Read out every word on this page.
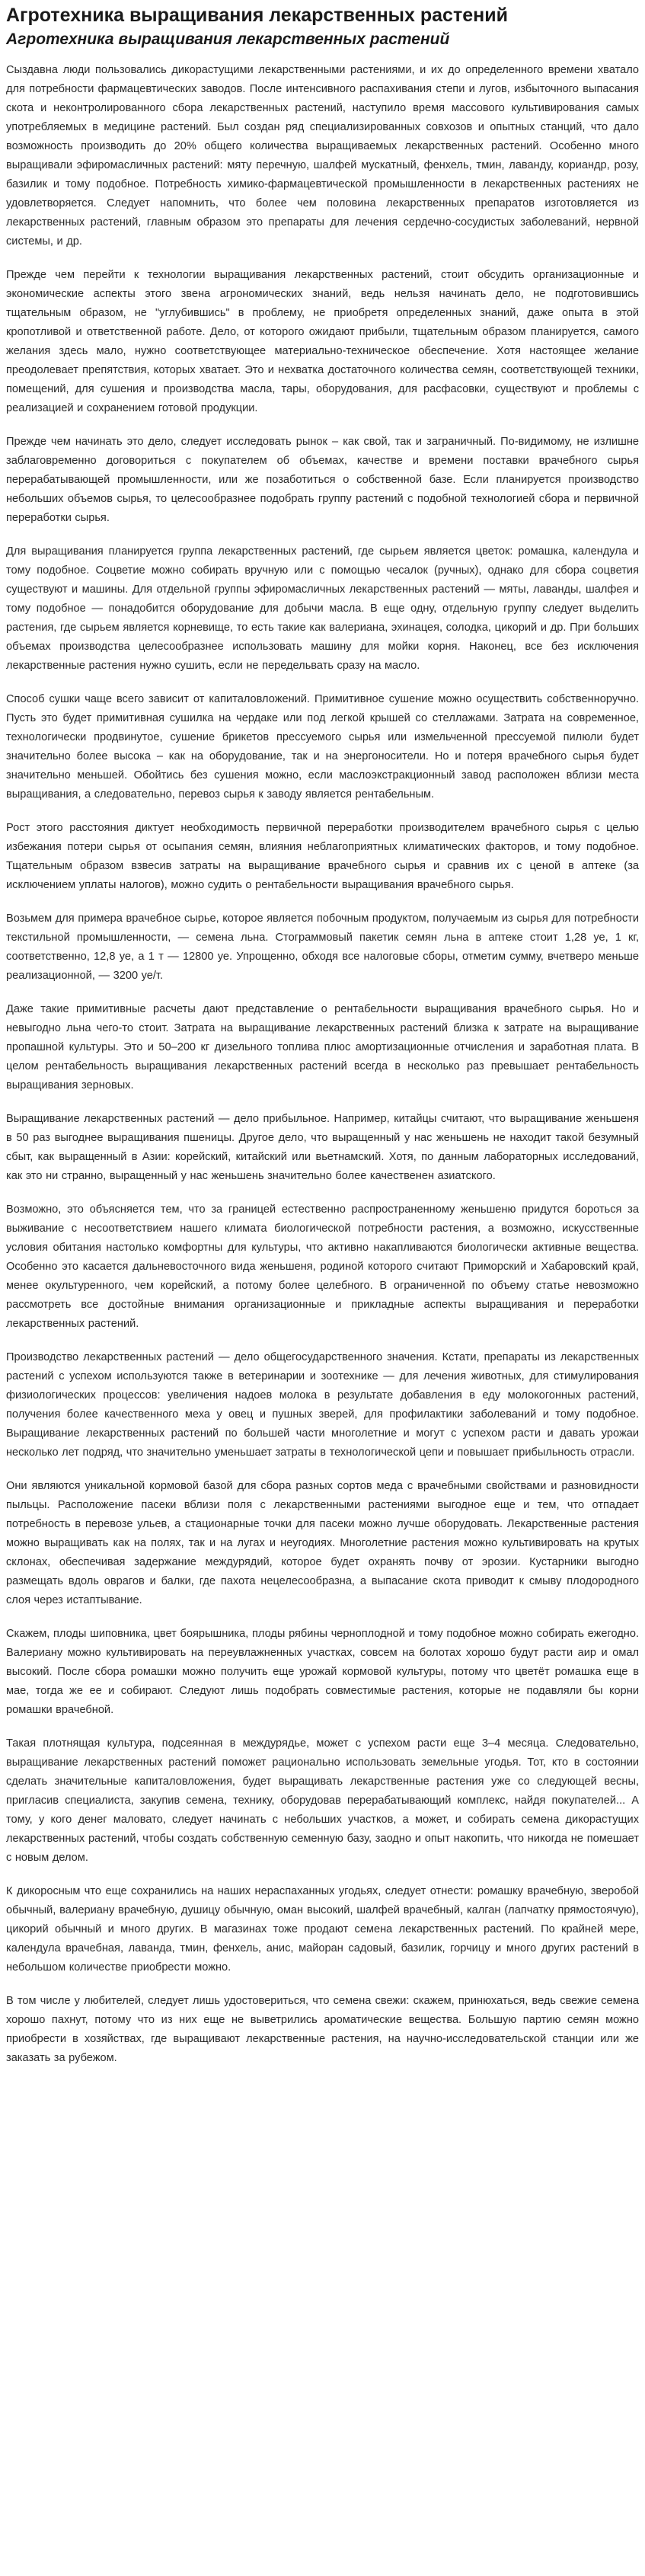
Агротехника выращивания лекарственных растений
Агротехника выращивания лекарственных растений

Сыздавна люди пользовались дикорастущими лекарственными растениями, и их до определенного времени хватало для потребности фармацевтических заводов. После интенсивного распахивания степи и лугов, избыточного выпасания скота и неконтролированного сбора лекарственных растений, наступило время массового культивирования самых употребляемых в медицине растений. Был создан ряд специализированных совхозов и опытных станций, что дало возможность производить до 20% общего количества выращиваемых лекарственных растений. Особенно много выращивали эфиромасличных растений: мяту перечную, шалфей мускатный, фенхель, тмин, лаванду, кориандр, розу, базилик и тому подобное. Потребность химико-фармацевтической промышленности в лекарственных растениях не удовлетворяется. Следует напомнить, что более чем половина лекарственных препаратов изготовляется из лекарственных растений, главным образом это препараты для лечения сердечно-сосудистых заболеваний, нервной системы, и др.

Прежде чем перейти к технологии выращивания лекарственных растений, стоит обсудить организационные и экономические аспекты этого звена агрономических знаний, ведь нельзя начинать дело, не подготовившись тщательным образом, не "углубившись" в проблему, не приобретя определенных знаний, даже опыта в этой кропотливой и ответственной работе. Дело, от которого ожидают прибыли, тщательным образом планируется, самого желания здесь мало, нужно соответствующее материально-техническое обеспечение. Хотя настоящее желание преодолевает препятствия, которых хватает. Это и нехватка достаточного количества семян, соответствующей техники, помещений, для сушения и производства масла, тары, оборудования, для расфасовки, существуют и проблемы с реализацией и сохранением готовой продукции.

Прежде чем начинать это дело, следует исследовать рынок – как свой, так и заграничный. По-видимому, не излишне заблаговременно договориться с покупателем об объемах, качестве и времени поставки врачебного сырья перерабатывающей промышленности, или же позаботиться о собственной базе. Если планируется производство небольших объемов сырья, то целесообразнее подобрать группу растений с подобной технологией сбора и первичной переработки сырья.

Для выращивания планируется группа лекарственных растений, где сырьем является цветок: ромашка, календула и тому подобное. Соцветие можно собирать вручную или с помощью чесалок (ручных), однако для сбора соцветия существуют и машины. Для отдельной группы эфиромасличных лекарственных растений — мяты, лаванды, шалфея и тому подобное — понадобится оборудование для добычи масла. В еще одну, отдельную группу следует выделить растения, где сырьем является корневище, то есть такие как валериана, эхинацея, солодка, цикорий и др. При больших объемах производства целесообразнее использовать машину для мойки корня. Наконец, все без исключения лекарственные растения нужно сушить, если не передельвать сразу на масло.

Способ сушки чаще всего зависит от капиталовложений. Примитивное сушение можно осуществить собственноручно. Пусть это будет примитивная сушилка на чердаке или под легкой крышей со стеллажами. Затрата на современное, технологически продвинутое, сушение брикетов прессуемого сырья или измельченной прессуемой пилюли будет значительно более высока – как на оборудование, так и на энергоносители. Но и потеря врачебного сырья будет значительно меньшей. Обойтись без сушения можно, если маслоэкстракционный завод расположен вблизи места выращивания, а следовательно, перевоз сырья к заводу является рентабельным.

Рост этого расстояния диктует необходимость первичной переработки производителем врачебного сырья с целью избежания потери сырья от осыпания семян, влияния неблагоприятных климатических факторов, и тому подобное. Тщательным образом взвесив затраты на выращивание врачебного сырья и сравнив их с ценой в аптеке (за исключением уплаты налогов), можно судить о рентабельности выращивания врачебного сырья.

Возьмем для примера врачебное сырье, которое является побочным продуктом, получаемым из сырья для потребности текстильной промышленности, — семена льна. Стограммовый пакетик семян льна в аптеке стоит 1,28 уе, 1 кг, соответственно, 12,8 уе, а 1 т — 12800 уе. Упрощенно, обходя все налоговые сборы, отметим сумму, вчетверо меньше реализационной, — 3200 уе/т.

Даже такие примитивные расчеты дают представление о рентабельности выращивания врачебного сырья. Но и невыгодно льна чего-то стоит. Затрата на выращивание лекарственных растений близка к затрате на выращивание пропашной культуры. Это и 50–200 кг дизельного топлива плюс амортизационные отчисления и заработная плата. В целом рентабельность выращивания лекарственных растений всегда в несколько раз превышает рентабельность выращивания зерновых.

Выращивание лекарственных растений — дело прибыльное. Например, китайцы считают, что выращивание женьшеня в 50 раз выгоднее выращивания пшеницы. Другое дело, что выращенный у нас женьшень не находит такой безумный сбыт, как выращенный в Азии: корейский, китайский или вьетнамский. Хотя, по данным лабораторных исследований, как это ни странно, выращенный у нас женьшень значительно более качественен азиатского.

Возможно, это объясняется тем, что за границей естественно распространенному женьшеню придутся бороться за выживание с несоответствием нашего климата биологической потребности растения, а возможно, искусственные условия обитания настолько комфортны для культуры, что активно накапливаются биологически активные вещества. Особенно это касается дальневосточного вида женьшеня, родиной которого считают Приморский и Хабаровский край, менее окультуренного, чем корейский, а потому более целебного. В ограниченной по объему статье невозможно рассмотреть все достойные внимания организационные и прикладные аспекты выращивания и переработки лекарственных растений.

Производство лекарственных растений — дело общегосударственного значения. Кстати, препараты из лекарственных растений с успехом используются также в ветеринарии и зоотехнике — для лечения животных, для стимулирования физиологических процессов: увеличения надоев молока в результате добавления в еду молокогонных растений, получения более качественного меха у овец и пушных зверей, для профилактики заболеваний и тому подобное. Выращивание лекарственных растений по большей части многолетние и могут с успехом расти и давать урожаи несколько лет подряд, что значительно уменьшает затраты в технологической цепи и повышает прибыльность отрасли.

Они являются уникальной кормовой базой для сбора разных сортов меда с врачебными свойствами и разновидности пыльцы. Расположение пасеки вблизи поля с лекарственными растениями выгодное еще и тем, что отпадает потребность в перевозе ульев, а стационарные точки для пасеки можно лучше оборудовать. Лекарственные растения можно выращивать как на полях, так и на лугах и неугодиях. Многолетние растения можно культивировать на крутых склонах, обеспечивая задержание междурядий, которое будет охранять почву от эрозии. Кустарники выгодно размещать вдоль оврагов и балки, где пахота нецелесообразна, а выпасание скота приводит к смыву плодородного слоя через истаптывание.

Скажем, плоды шиповника, цвет боярышника, плоды рябины черноплодной и тому подобное можно собирать ежегодно. Валериану можно культивировать на переувлажненных участках, совсем на болотах хорошо будут расти аир и омал высокий. После сбора ромашки можно получить еще урожай кормовой культуры, потому что цветёт ромашка еще в мае, тогда же ее и собирают. Следуют лишь подобрать совместимые растения, которые не подавляли бы корни ромашки врачебной.

Такая плотнящая культура, подсеянная в междурядье, может с успехом расти еще 3–4 месяца. Следовательно, выращивание лекарственных растений поможет рационально использовать земельные угодья. Тот, кто в состоянии сделать значительные капиталовложения, будет выращивать лекарственные растения уже со следующей весны, пригласив специалиста, закупив семена, технику, оборудовав перерабатывающий комплекс, найдя покупателей... А тому, у кого денег маловато, следует начинать с небольших участков, а может, и собирать семена дикорастущих лекарственных растений, чтобы создать собственную семенную базу, заодно и опыт накопить, что никогда не помешает с новым делом.

К дикоросным что еще сохранились на наших нераспаханных угодьях, следует отнести: ромашку врачебную, зверобой обычный, валериану врачебную, душицу обычную, оман высокий, шалфей врачебный, калган (лапчатку прямостоячую), цикорий обычный и много других. В магазинах тоже продают семена лекарственных растений. По крайней мере, календула врачебная, лаванда, тмин, фенхель, анис, майоран садовый, базилик, горчицу и много других растений в небольшом количестве приобрести можно.

В том числе у любителей, следует лишь удостовериться, что семена свежи: скажем, принюхаться, ведь свежие семена хорошо пахнут, потому что из них еще не выветрились ароматические вещества. Большую партию семян можно приобрести в хозяйствах, где выращивают лекарственные растения, на научно-исследовательской станции или же заказать за рубежом.
